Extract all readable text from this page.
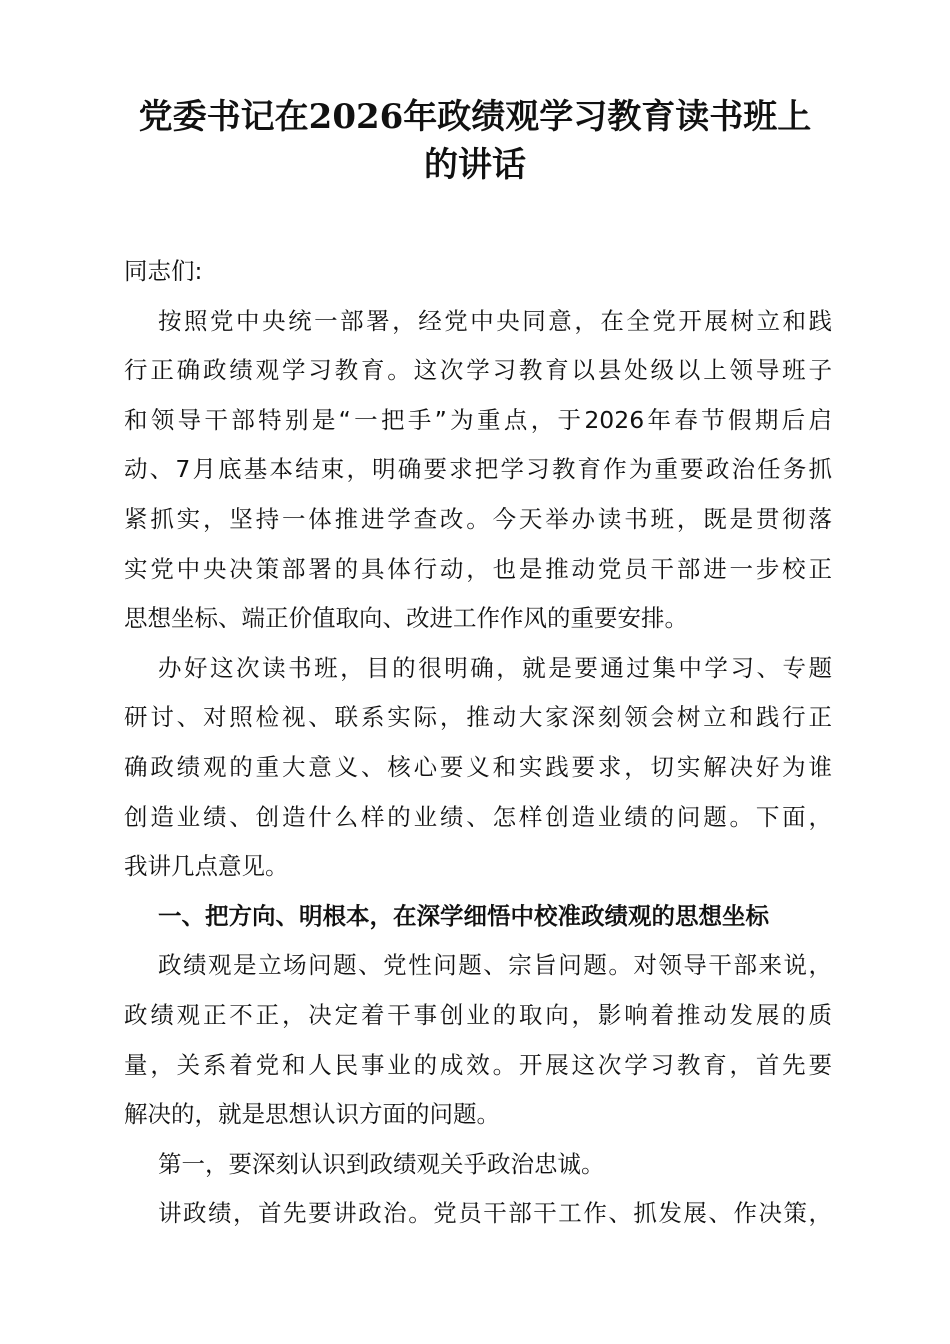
党委书记在2026年政绩观学习教育读书班上
的讲话
同志们:
按照党中央统一部署，经党中央同意，在全党开展树立和践
行正确政绩观学习教育。这次学习教育以县处级以上领导班子
和领导干部特别是“一把手”为重点，于2026年春节假期后启
动、7月底基本结束，明确要求把学习教育作为重要政治任务抓
紧抓实，坚持一体推进学查改。今天举办读书班，既是贯彻落
实党中央决策部署的具体行动，也是推动党员干部进一步校正
思想坐标、端正价值取向、改进工作作风的重要安排。
办好这次读书班，目的很明确，就是要通过集中学习、专题
研讨、对照检视、联系实际，推动大家深刻领会树立和践行正
确政绩观的重大意义、核心要义和实践要求，切实解决好为谁
创造业绩、创造什么样的业绩、怎样创造业绩的问题。下面，
我讲几点意见。
一、把方向、明根本，在深学细悟中校准政绩观的思想坐标
政绩观是立场问题、党性问题、宗旨问题。对领导干部来说，
政绩观正不正，决定着干事创业的取向，影响着推动发展的质
量，关系着党和人民事业的成效。开展这次学习教育，首先要
解决的，就是思想认识方面的问题。
第一，要深刻认识到政绩观关乎政治忠诚。
讲政绩，首先要讲政治。党员干部干工作、抓发展、作决策，
